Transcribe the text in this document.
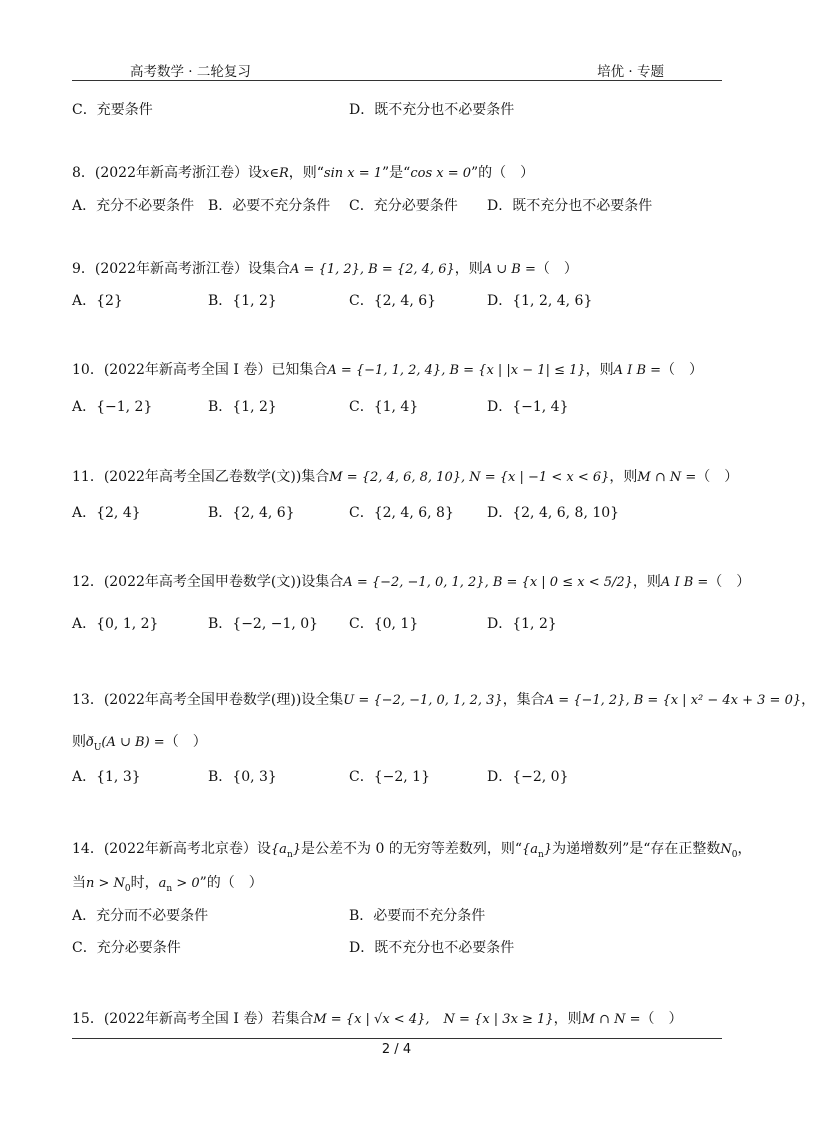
高考数学 · 二轮复习	培优 · 专题
C．充要条件	D．既不充分也不必要条件
8．(2022年新高考浙江卷）设x∈R，则“sin x = 1”是“cos x = 0”的（　）
A．充分不必要条件 B．必要不充分条件 C．充分必要条件 D．既不充分也不必要条件
9．(2022年新高考浙江卷）设集合A = {1, 2}, B = {2, 4, 6}，则A ∪ B =（　）
A．{2}	B．{1, 2}	C．{2, 4, 6}	D．{1, 2, 4, 6}
10．(2022年新高考全国 I 卷）已知集合A = {−1, 1, 2, 4}, B = {x | |x − 1| ≤ 1}，则A I B =（　）
A．{−1, 2}	B．{1, 2}	C．{1, 4}	D．{−1, 4}
11．(2022年高考全国乙卷数学(文))集合M = {2, 4, 6, 8, 10}, N = {x | −1 < x < 6}，则M ∩ N =（　）
A．{2, 4}	B．{2, 4, 6}	C．{2, 4, 6, 8} D．{2, 4, 6, 8, 10}
12．(2022年高考全国甲卷数学(文))设集合A = {−2, −1, 0, 1, 2}, B = {x | 0 ≤ x < 5/2}，则A I B =（　）
A．{0, 1, 2}	B．{−2, −1, 0} C．{0, 1}	D．{1, 2}
13．(2022年高考全国甲卷数学(理))设全集U = {−2, −1, 0, 1, 2, 3}，集合A = {−1, 2}, B = {x | x² − 4x + 3 = 0}，
则$ð_U(A$ ∪ B) =（　）
A．{1, 3}	B．{0, 3}	C．{−2, 1}	D．{−2, 0}
14．(2022年新高考北京卷）设$\{a_n\}$是公差不为 0 的无穷等差数列，则“$\{a_n\}$为递增数列”是“存在正整数$N_0$，
当$n > N_0$时，$a_n > 0$”的（　）
A．充分而不必要条件	B．必要而不充分条件
C．充分必要条件	D．既不充分也不必要条件
15．(2022年新高考全国 I 卷）若集合M = {x | √x < 4}, N = {x | 3x ≥ 1}，则M ∩ N =（　）
2 / 4
